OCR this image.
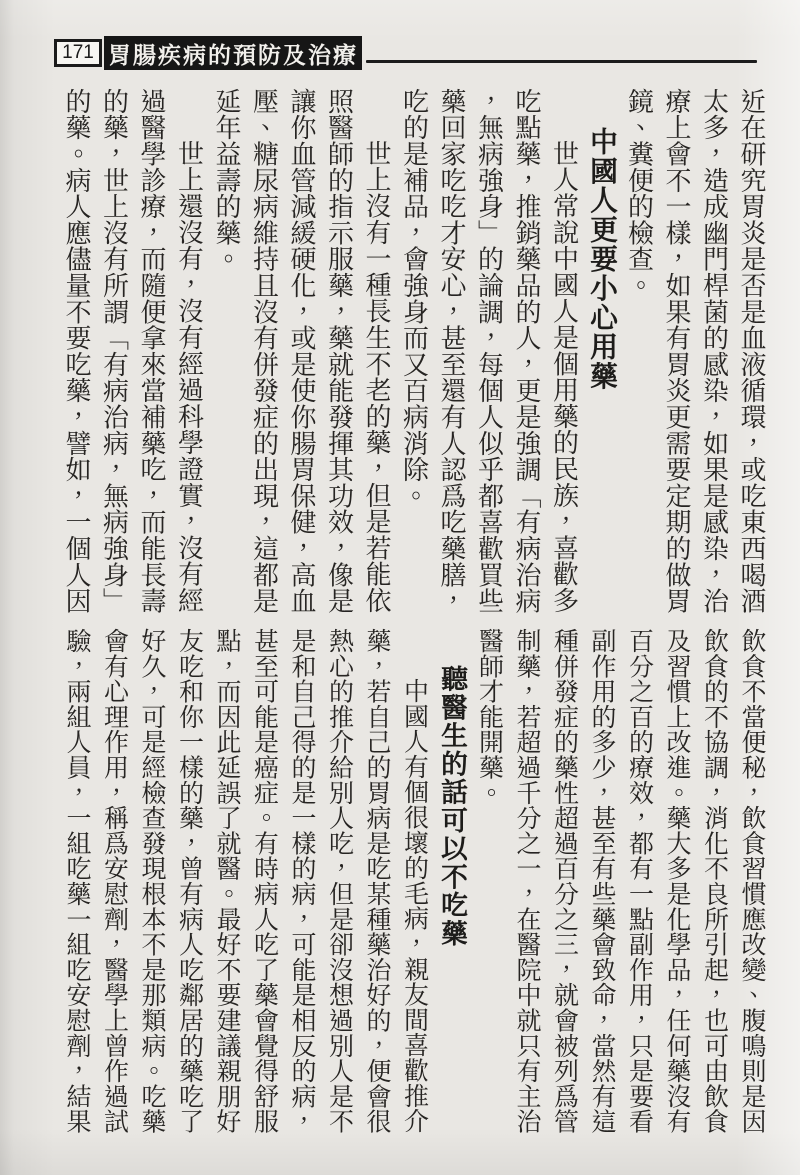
171 胃腸疾病的預防及治療

近在研究胃炎是否是血液循環，或吃東西喝酒太多，造成幽門桿菌的感染，如果是感染，治療上會不一樣，如果有胃炎更需要定期的做胃鏡、糞便的檢查。

中國人更要小心用藥

世人常說中國人是個用藥的民族，喜歡多吃點藥，推銷藥品的人，更是強調「有病治病，無病強身」的論調，每個人似乎都喜歡買些藥回家吃吃才安心，甚至還有人認爲吃藥膳，吃的是補品，會強身而又百病消除。

世上沒有一種長生不老的藥，但是若能依照醫師的指示服藥，藥就能發揮其功效，像是讓你血管減緩硬化，或是使你腸胃保健，高血壓、糖尿病維持且沒有併發症的出現，這都是延年益壽的藥。

世上還沒有，沒有經過科學證實，沒有經過醫學診療，而隨便拿來當補藥吃，而能長壽的藥，世上沒有所謂「有病治病，無病強身」的藥。病人應儘量不要吃藥，譬如，一個人因

飲食不當便秘，飲食習慣應改變、腹鳴則是因飲食的不協調，消化不良所引起，也可由飲食及習慣上改進。藥大多是化學品，任何藥沒有百分之百的療效，都有一點副作用，只是要看副作用的多少，甚至有些藥會致命，當然有這種併發症的藥性超過百分之三，就會被列爲管制藥，若超過千分之一，在醫院中就只有主治醫師才能開藥。

聽醫生的話可以不吃藥

中國人有個很壞的毛病，親友間喜歡推介藥，若自己的胃病是吃某種藥治好的，便會很熱心的推介給別人吃，但是卻沒想過別人是不是和自己得的是一樣的病，可能是相反的病，甚至可能是癌症。有時病人吃了藥會覺得舒服點，而因此延誤了就醫。最好不要建議親朋好友吃和你一樣的藥，曾有病人吃鄰居的藥吃了好久，可是經檢查發現根本不是那類病。吃藥會有心理作用，稱爲安慰劑，醫學上曾作過試驗，兩組人員，一組吃藥一組吃安慰劑，結果
